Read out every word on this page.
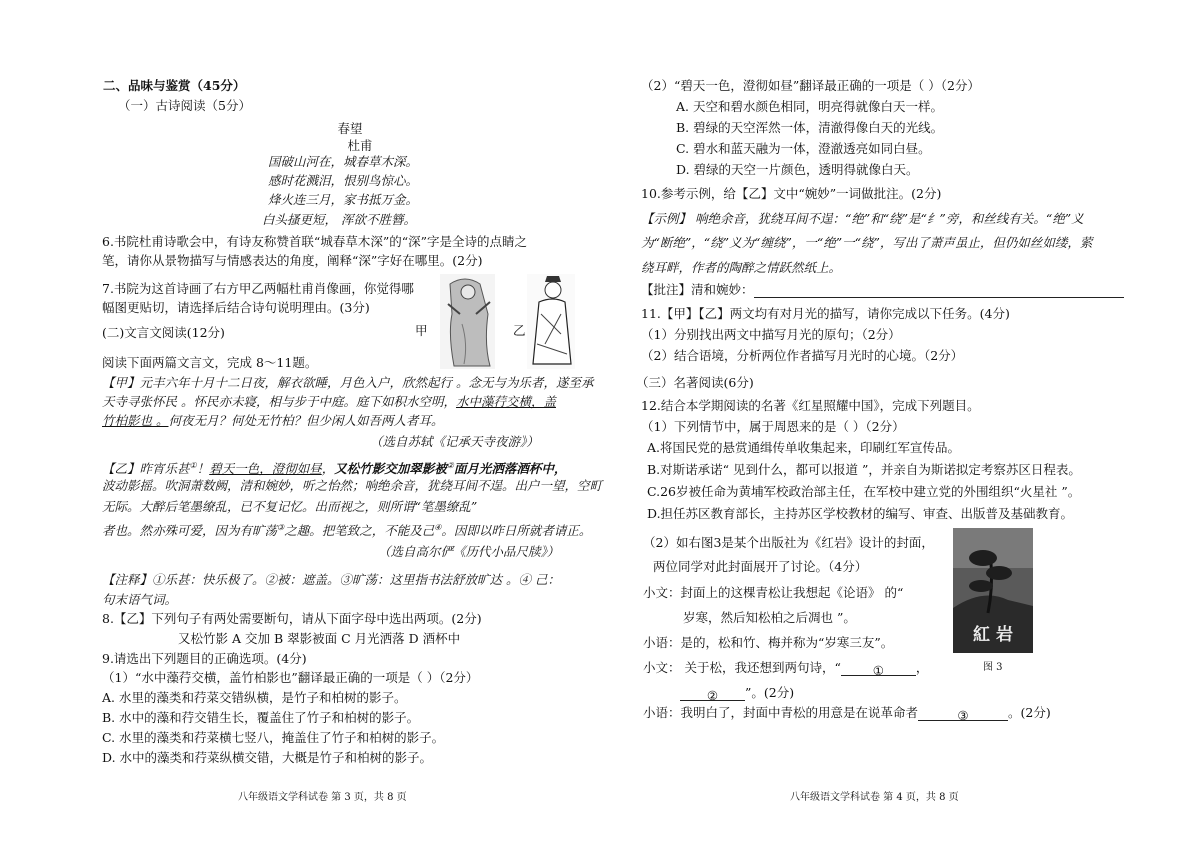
二、品味与鉴赏（45分）
（一）古诗阅读（5分）
春望
杜甫
国破山河在，城春草木深。
感时花溅泪，恨别鸟惊心。
烽火连三月，家书抵万金。
白头搔更短， 浑欲不胜簪。
6.书院杜甫诗歌会中，有诗友称赞首联“城春草木深”的“深”字是全诗的点睛之
笔，请你从景物描写与情感表达的角度，阐释“深”字好在哪里。(2分)
7.书院为这首诗画了右方甲乙两幅杜甫肖像画，你觉得哪
幅图更贴切，请选择后结合诗句说明理由。(3分)
甲	乙
(二)文言文阅读(12分)
阅读下面两篇文言文，完成 8～11题。
【甲】元丰六年十月十二日夜，解衣欲睡，月色入户，欣然起行 。念无与为乐者，遂至承
天寺寻张怀民 。怀民亦未寝，相与步于中庭。庭下如积水空明，水中藻荇交横，盖
竹柏影也 。何夜无月？何处无竹柏？但少闲人如吾两人者耳。
（选自苏轼《记承天寺夜游》）
【乙】昨宵乐甚①！碧天一色，澄彻如昼，又松竹影交加翠影被②面月光洒落酒杯中，
波动影摇。吹洞萧数阙，清和婉妙，听之怡然；响绝余音，犹绕耳间不逞。出户一望，空町
无际。大醉后笔墨缭乱，已不复记忆。出而视之，则所谓“笔墨缭乱”
者也。然亦殊可爱，因为有旷荡③之趣。把笔致之，不能及己④。因即以昨日所就者请正。
（选自高尔俨《历代小品尺牍》）
【注释】①乐甚：快乐极了。②被：遮盖。③旷荡：这里指书法舒放旷达 。④ 己：
句末语气词。
8.【乙】下列句子有两处需要断句，请从下面字母中选出两项。(2分)
又松竹影 A 交加 B 翠影被面 C 月光洒落 D 酒杯中
9.请选出下列题目的正确选项。(4分)
（1）“水中藻荇交横，盖竹柏影也”翻译最正确的一项是（ ）（2分）
A. 水里的藻类和荇菜交错纵横，是竹子和柏树的影子。
B. 水中的藻和荇交错生长，覆盖住了竹子和柏树的影子。
C. 水里的藻类和荇菜横七竖八，掩盖住了竹子和柏树的影子。
D. 水中的藻类和荇菜纵横交错，大概是竹子和柏树的影子。
八年级语文学科试卷 第 3 页，共 8 页
（2）“碧天一色，澄彻如昼”翻译最正确的一项是（ ）（2分）
A. 天空和碧水颜色相同，明亮得就像白天一样。
B. 碧绿的天空浑然一体，清澈得像白天的光线。
C. 碧水和蓝天融为一体，澄澈透亮如同白昼。
D. 碧绿的天空一片颜色，透明得就像白天。
10.参考示例，给【乙】文中“婉妙”一词做批注。(2分)
【示例】 响绝余音，犹绕耳间不逞：“绝”和“绕”是“纟”旁，和丝线有关。“绝”义
为“断绝”，“绕”义为“缠绕”，一“绝”一“绕”，写出了萧声虽止，但仍如丝如缕，萦
绕耳畔，作者的陶醉之情跃然纸上。
【批注】清和婉妙：
11.【甲】【乙】两文均有对月光的描写，请你完成以下任务。(4分)
（1）分别找出两文中描写月光的原句；（2分）
（2）结合语境，分析两位作者描写月光时的心境。（2分）
（三）名著阅读(6分)
12.结合本学期阅读的名著《红星照耀中国》，完成下列题目。
（1）下列情节中，属于周恩来的是（ ）（2分）
A.将国民党的悬赏通缉传单收集起来，印刷红军宣传品。
B.对斯诺承诺“ 见到什么，都可以报道 ”，并亲自为斯诺拟定考察苏区日程表。
C.26岁被任命为黄埔军校政治部主任，在军校中建立党的外围组织“火星社 ”。
D.担任苏区教育部长，主持苏区学校教材的编写、审查、出版普及基础教育。
（2）如右图3是某个出版社为《红岩》设计的封面，
两位同学对此封面展开了讨论。（4分）
小文：封面上的这棵青松让我想起《论语》 的“
岁寒，然后知松柏之后凋也 ”。
小语：是的，松和竹、梅并称为“岁寒三友”。
小文： 关于松，我还想到两句诗，“	①	，
② ”。(2分)
小语：我明白了，封面中青松的用意是在说革命者	③	。(2分)
紅 岩
图 3
八年级语文学科试卷 第 4 页，共 8 页
